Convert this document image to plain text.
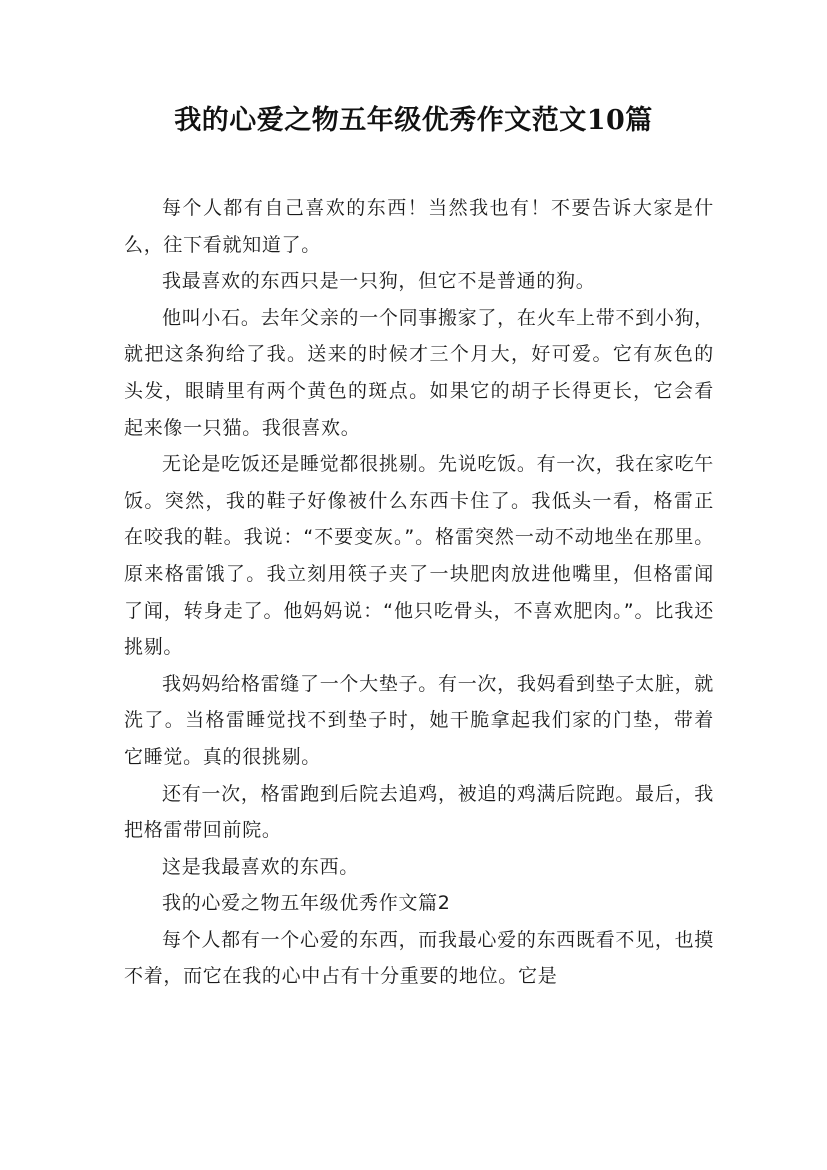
我的心爱之物五年级优秀作文范文10篇

每个人都有自己喜欢的东西！当然我也有！不要告诉大家是什么，往下看就知道了。

我最喜欢的东西只是一只狗，但它不是普通的狗。

他叫小石。去年父亲的一个同事搬家了，在火车上带不到小狗，就把这条狗给了我。送来的时候才三个月大，好可爱。它有灰色的头发，眼睛里有两个黄色的斑点。如果它的胡子长得更长，它会看起来像一只猫。我很喜欢。

无论是吃饭还是睡觉都很挑剔。先说吃饭。有一次，我在家吃午饭。突然，我的鞋子好像被什么东西卡住了。我低头一看，格雷正在咬我的鞋。我说：“不要变灰。”。格雷突然一动不动地坐在那里。原来格雷饿了。我立刻用筷子夹了一块肥肉放进他嘴里，但格雷闻了闻，转身走了。他妈妈说：“他只吃骨头，不喜欢肥肉。”。比我还挑剔。

我妈妈给格雷缝了一个大垫子。有一次，我妈看到垫子太脏，就洗了。当格雷睡觉找不到垫子时，她干脆拿起我们家的门垫，带着它睡觉。真的很挑剔。

还有一次，格雷跑到后院去追鸡，被追的鸡满后院跑。最后，我把格雷带回前院。

这是我最喜欢的东西。

我的心爱之物五年级优秀作文篇2

每个人都有一个心爱的东西，而我最心爱的东西既看不见，也摸不着，而它在我的心中占有十分重要的地位。它是
